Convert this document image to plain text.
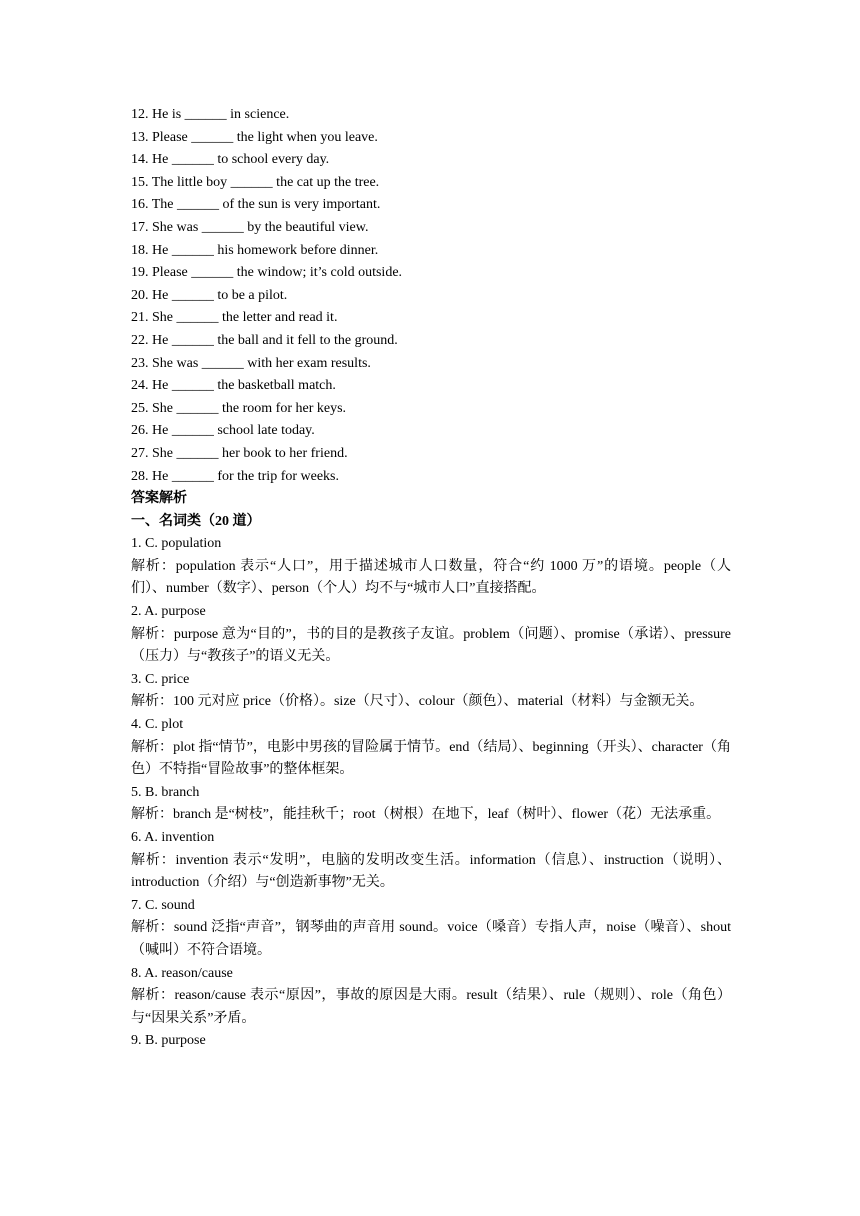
12. He is ______ in science.
13. Please ______ the light when you leave.
14. He ______ to school every day.
15. The little boy ______ the cat up the tree.
16. The ______ of the sun is very important.
17. She was ______ by the beautiful view.
18. He ______ his homework before dinner.
19. Please ______ the window; it’s cold outside.
20. He ______ to be a pilot.
21. She ______ the letter and read it.
22. He ______ the ball and it fell to the ground.
23. She was ______ with her exam results.
24. He ______ the basketball match.
25. She ______ the room for her keys.
26. He ______ school late today.
27. She ______ her book to her friend.
28. He ______ for the trip for weeks.
答案解析
一、名词类（20 道）
1. C. population
解析：population 表示“人口”，用于描述城市人口数量，符合“约 1000 万”的语境。people（人们）、number（数字）、person（个人）均不与“城市人口”直接搭配。
2. A. purpose
解析：purpose 意为“目的”，书的目的是教孩子友谊。problem（问题）、promise（承诺）、pressure（压力）与“教孩子”的语义无关。
3. C. price
解析：100 元对应 price（价格）。size（尺寸）、colour（颜色）、material（材料）与金额无关。
4. C. plot
解析：plot 指“情节”，电影中男孩的冒险属于情节。end（结局）、beginning（开头）、character（角色）不特指“冒险故事”的整体框架。
5. B. branch
解析：branch 是“树枝”，能挂秋千；root（树根）在地下，leaf（树叶）、flower（花）无法承重。
6. A. invention
解析：invention 表示“发明”，电脑的发明改变生活。information（信息）、instruction（说明）、introduction（介绍）与“创造新事物”无关。
7. C. sound
解析：sound 泛指“声音”，钢琴曲的声音用 sound。voice（嗓音）专指人声，noise（噪音）、shout（喊叫）不符合语境。
8. A. reason/cause
解析：reason/cause 表示“原因”，事故的原因是大雨。result（结果）、rule（规则）、role（角色）与“因果关系”矛盾。
9. B. purpose
